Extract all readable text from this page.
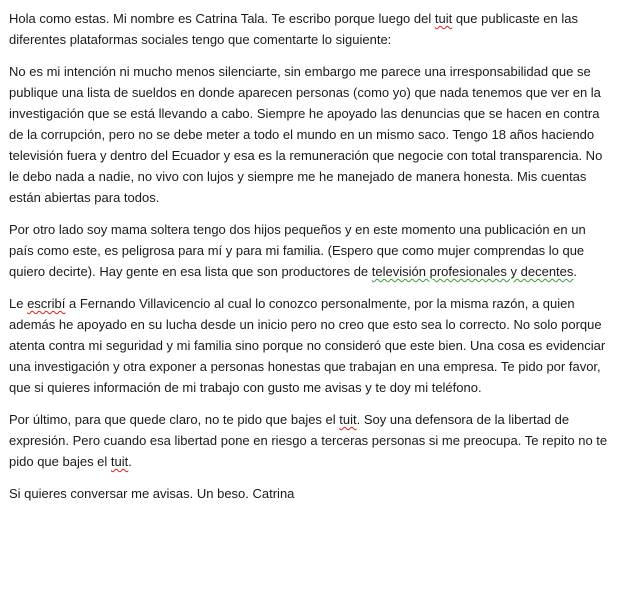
Hola como estas. Mi nombre es Catrina Tala. Te escribo porque luego del tuit que publicaste en las diferentes plataformas sociales tengo que comentarte lo siguiente:

No es mi intención ni mucho menos silenciarte, sin embargo me parece una irresponsabilidad que se publique una lista de sueldos en donde aparecen personas (como yo) que nada tenemos que ver en la investigación que se está llevando a cabo. Siempre he apoyado las denuncias que se hacen en contra de la corrupción, pero no se debe meter a todo el mundo en un mismo saco. Tengo 18 años haciendo televisión fuera y dentro del Ecuador y esa es la remuneración que negocie con total transparencia. No le debo nada a nadie, no vivo con lujos y siempre me he manejado de manera honesta. Mis cuentas están abiertas para todos.

Por otro lado soy mama soltera tengo dos hijos pequeños y en este momento una publicación en un país como este, es peligrosa para mí y para mi familia. (Espero que como mujer comprendas lo que quiero decirte). Hay gente en esa lista que son productores de televisión profesionales y decentes.

Le escribí a Fernando Villavicencio al cual lo conozco personalmente, por la misma razón, a quien además he apoyado en su lucha desde un inicio pero no creo que esto sea lo correcto. No solo porque atenta contra mi seguridad y mi familia sino porque no consideró que este bien. Una cosa es evidenciar una investigación y otra exponer a personas honestas que trabajan en una empresa. Te pido por favor, que si quieres información de mi trabajo con gusto me avisas y te doy mi teléfono.

Por último, para que quede claro, no te pido que bajes el tuit. Soy una defensora de la libertad de expresión. Pero cuando esa libertad pone en riesgo a terceras personas si me preocupa. Te repito no te pido que bajes el tuit.

Si quieres conversar me avisas. Un beso. Catrina
